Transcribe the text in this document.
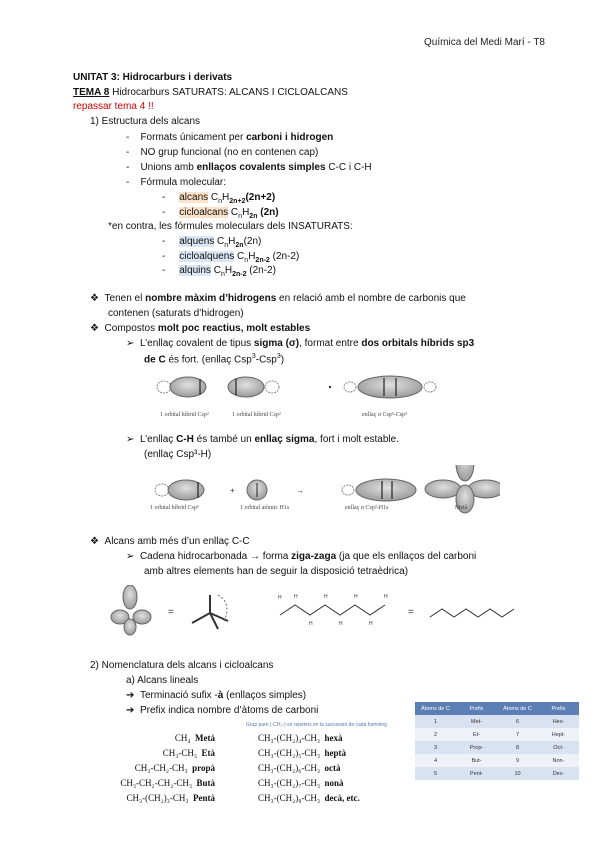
Química del Medi Marí - T8
UNITAT 3: Hidrocarburs i derivats
TEMA 8 Hidrocarburs SATURATS: ALCANS I CICLOALCANS
repassar tema 4 !!
1) Estructura dels alcans
-    Formats únicament per carboni i hidrogen
-    NO grup funcional (no en contenen cap)
-    Unions amb enllaços covalents simples C-C i C-H
-    Fórmula molecular:
-     alcans $C_nH_{2n+2}(2n+2)$
-     cicloalcans $C_nH_{2n}$ (2n)
*en contra, les fórmules moleculars dels INSATURATS:
-     alquens $C_nH_{2n}(2n)$
-     cicloalquens $C_nH_{2n-2}$ (2n-2)
-     alquins $C_nH_{2n-2}$ (2n-2)
❖  Tenen el nombre màxim d’hidrogens en relació amb el nombre de carbonis que
contenen (saturats d’hidrogen)
❖  Compostos molt poc reactius, molt estables
➢  L’enllaç covalent de tipus sigma (σ), format entre dos orbitals híbrids sp3
de C és fort. (enllaç Csp$^3$-Csp$^3$)
1 orbital híbrid Csp³	1 orbital híbrid Csp³	enllaç σ Csp³-Csp³
➢  L’enllaç C-H és també un enllaç sigma, fort i molt estable.
(enllaç Csp³-H)
+	→
1 orbital híbrid Csp³	1 orbital atòmic H1s	enllaç σ Csp³-H1s	Metà
❖  Alcans amb més d’un enllaç C-C
➢  Cadena hidrocarbonada → forma ziga-zaga (ja que els enllaços del carboni
amb altres elements han de seguir la disposició tetraèdrica)
=
H H
H
H
H
H
H
H
=
2) Nomenclatura dels alcans i cicloalcans
a) Alcans lineals
➔  Terminació sufix -à (enllaços simples)
➔  Prefix indica nombre d’àtoms de carboni	Àtoms de C	Prefix	Àtoms de C	Prefix
1	Met-	6	Hex-
2	Et-	7	Hept-
3	Prop-	8	Oct-
4	But-	9	Non-
5	Pent-	10	Dec-
Grup pare (-CH₂-) es repeteix en la successió de cada homòleg
CH₄ Metà
CH₃-CH₃ Età
CH₃-CH₂-CH₃ propà
CH₃-CH₂-CH₂-CH₃ Butà
CH₃-(CH₂)₃-CH₃ Pentà
CH₃-(CH₂)₄-CH₃ hexà
CH₃-(CH₂)₅-CH₃ heptà
CH₃-(CH₂)₆-CH₃ octà
CH₃-(CH₂)₇-CH₃ nonà
CH₃-(CH₂)₈-CH₃ decà, etc.
